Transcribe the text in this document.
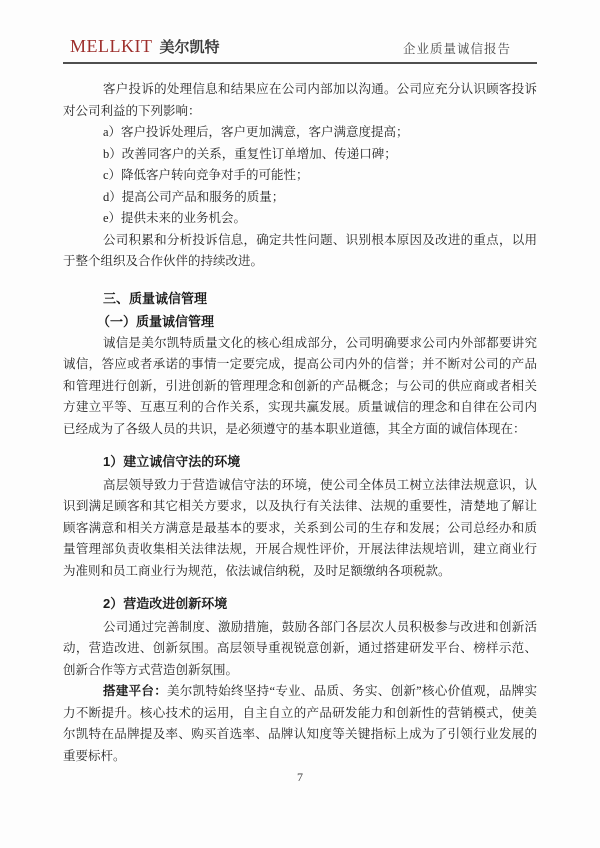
MELLKIT 美尔凯特	企业质量诚信报告

客户投诉的处理信息和结果应在公司内部加以沟通。公司应充分认识顾客投诉对公司利益的下列影响：

a）客户投诉处理后，客户更加满意，客户满意度提高；

b）改善同客户的关系，重复性订单增加、传递口碑；

c）降低客户转向竞争对手的可能性；

d）提高公司产品和服务的质量；

e）提供未来的业务机会。

公司积累和分析投诉信息，确定共性问题、识别根本原因及改进的重点，以用于整个组织及合作伙伴的持续改进。

三、质量诚信管理
（一）质量诚信管理

诚信是美尔凯特质量文化的核心组成部分，公司明确要求公司内外部都要讲究诚信，答应或者承诺的事情一定要完成，提高公司内外的信誉；并不断对公司的产品和管理进行创新，引进创新的管理理念和创新的产品概念；与公司的供应商或者相关方建立平等、互惠互利的合作关系，实现共赢发展。质量诚信的理念和自律在公司内已经成为了各级人员的共识，是必须遵守的基本职业道德，其全方面的诚信体现在：

1）建立诚信守法的环境

高层领导致力于营造诚信守法的环境，使公司全体员工树立法律法规意识，认识到满足顾客和其它相关方要求，以及执行有关法律、法规的重要性，清楚地了解让顾客满意和相关方满意是最基本的要求，关系到公司的生存和发展；公司总经办和质量管理部负责收集相关法律法规，开展合规性评价，开展法律法规培训，建立商业行为准则和员工商业行为规范，依法诚信纳税，及时足额缴纳各项税款。

2）营造改进创新环境

公司通过完善制度、激励措施，鼓励各部门各层次人员积极参与改进和创新活动，营造改进、创新氛围。高层领导重视锐意创新，通过搭建研发平台、榜样示范、创新合作等方式营造创新氛围。

搭建平台：美尔凯特始终坚持“专业、品质、务实、创新”核心价值观，品牌实力不断提升。核心技术的运用，自主自立的产品研发能力和创新性的营销模式，使美尔凯特在品牌提及率、购买首选率、品牌认知度等关键指标上成为了引领行业发展的重要标杆。

7
